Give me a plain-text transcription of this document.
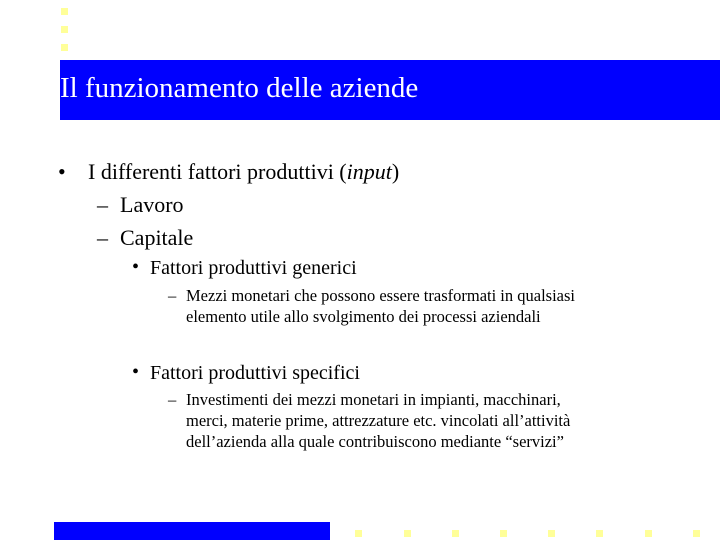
Il funzionamento delle aziende
• I differenti fattori produttivi (input)
– Lavoro
– Capitale
• Fattori produttivi generici
– Mezzi monetari che possono essere trasformati in qualsiasi
elemento utile allo svolgimento dei processi aziendali
• Fattori produttivi specifici
– Investimenti dei mezzi monetari in impianti, macchinari,
merci, materie prime, attrezzature etc. vincolati all’attività
dell’azienda alla quale contribuiscono mediante “servizi”
